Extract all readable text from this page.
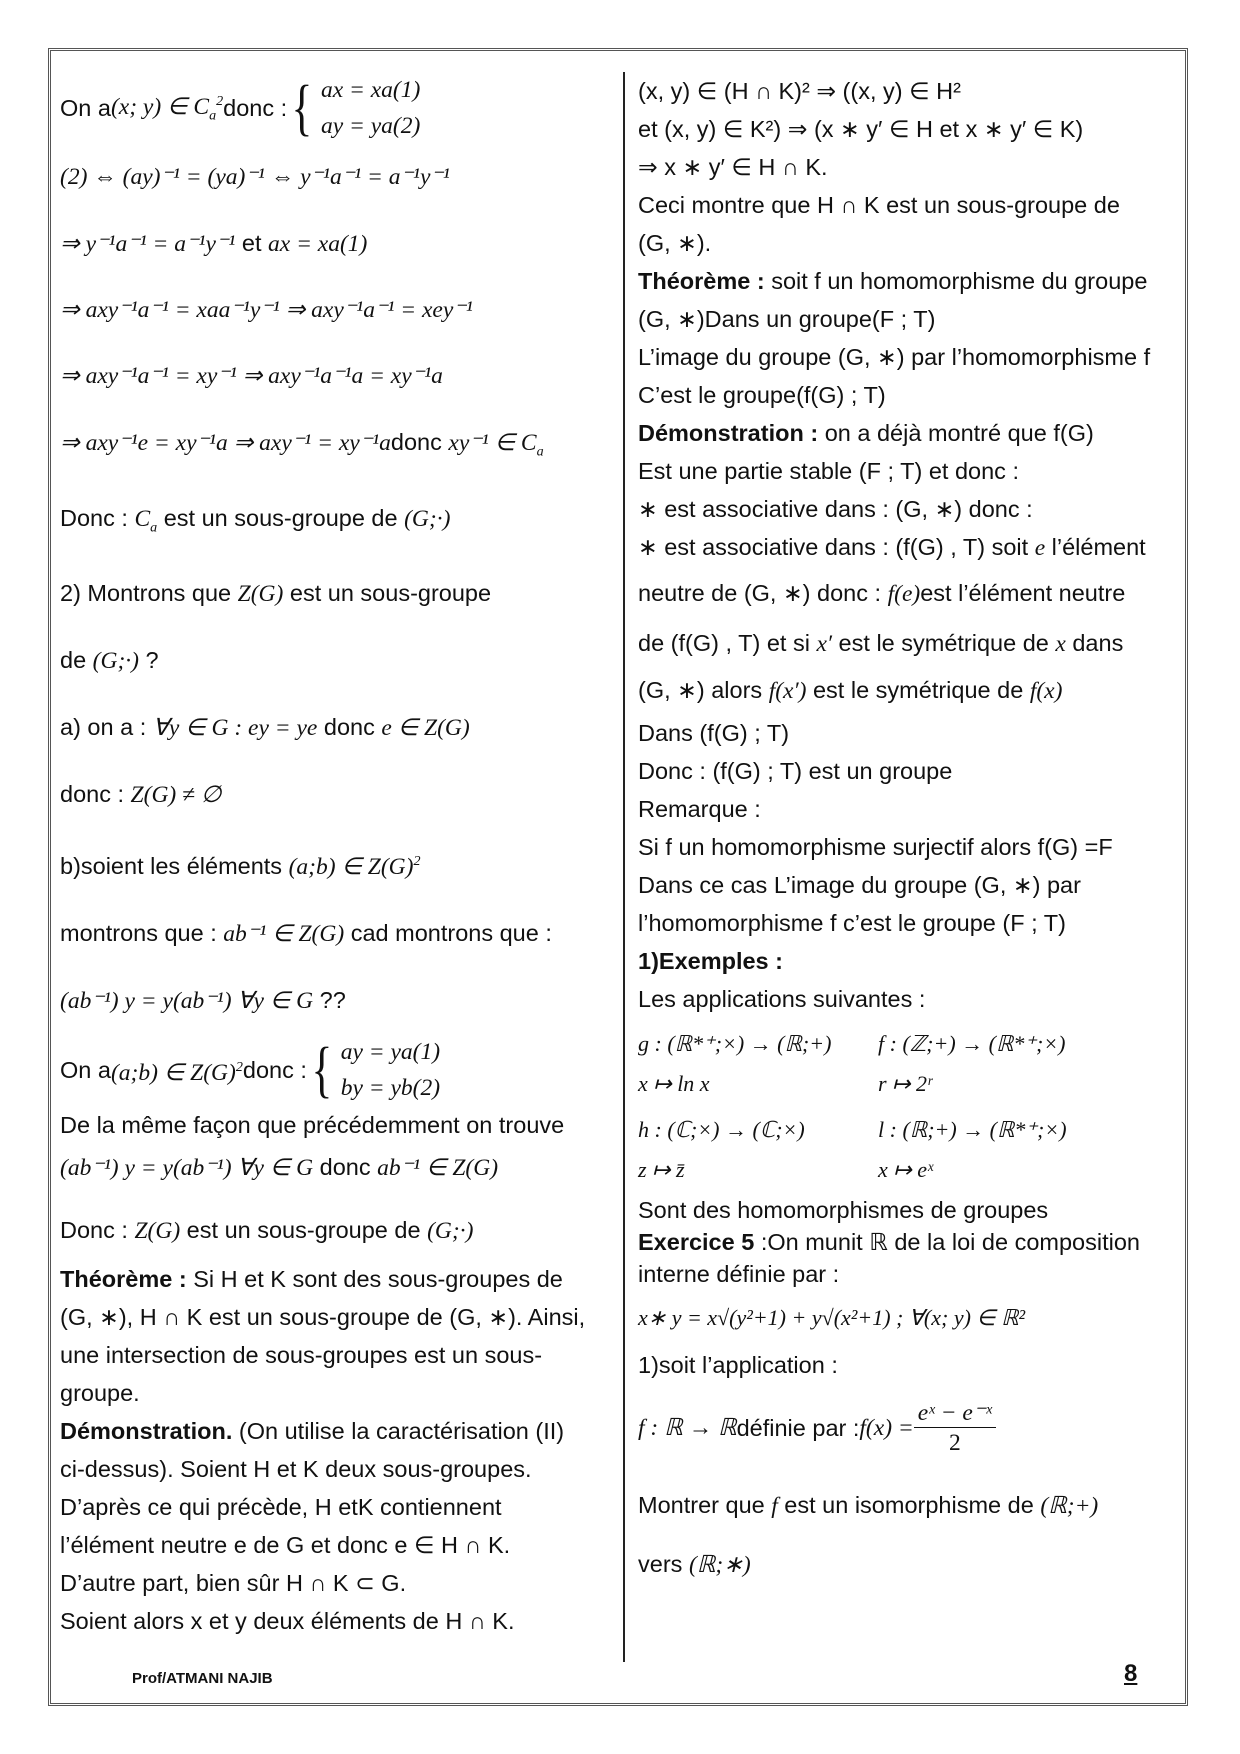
On a (x; y) ∈ $C_a^2$ donc : { ax = xa(1)
ay = ya(2)
(2) ⇔ (ay)⁻¹ = (ya)⁻¹ ⇔ y⁻¹a⁻¹ = a⁻¹y⁻¹
⇒ y⁻¹a⁻¹ = a⁻¹y⁻¹ et ax = xa(1)
⇒ axy⁻¹a⁻¹ = xaa⁻¹y⁻¹ ⇒ axy⁻¹a⁻¹ = xey⁻¹
⇒ axy⁻¹a⁻¹ = xy⁻¹ ⇒ axy⁻¹a⁻¹a = xy⁻¹a
⇒ axy⁻¹e = xy⁻¹a ⇒ axy⁻¹ = xy⁻¹adonc xy⁻¹ ∈ $C_a$
Donc : $C_a$ est un sous-groupe de (G;·)
2) Montrons que Z(G) est un sous-groupe
de (G;·) ?
a) on a : ∀y ∈ G : ey = ye donc e ∈ Z(G)
donc : Z(G) ≠ ∅
b)soient les éléments (a;b) ∈ $Z(G)^2$
montrons que : ab⁻¹ ∈ Z(G) cad montrons que :
(ab⁻¹) y = y(ab⁻¹) ∀y ∈ G ??
On a (a;b) ∈ $Z(G)^2$ donc : { ay = ya(1)
by = yb(2)
De la même façon que précédemment on trouve
(ab⁻¹) y = y(ab⁻¹) ∀y ∈ G donc ab⁻¹ ∈ Z(G)
Donc : Z(G) est un sous-groupe de (G;·)
Théorème : Si H et K sont des sous-groupes de
(G, ∗), H ∩ K est un sous-groupe de (G, ∗). Ainsi,
une intersection de sous-groupes est un sous-
groupe.
Démonstration. (On utilise la caractérisation (II)
ci-dessus). Soient H et K deux sous-groupes.
D’après ce qui précède, H etK contiennent
l’élément neutre e de G et donc e ∈ H ∩ K.
D’autre part, bien sûr H ∩ K ⊂ G.
Soient alors x et y deux éléments de H ∩ K.
(x, y) ∈ (H ∩ K)² ⇒ ((x, y) ∈ H²
et (x, y) ∈ K²) ⇒ (x ∗ y′ ∈ H et x ∗ y′ ∈ K)
⇒ x ∗ y′ ∈ H ∩ K.
Ceci montre que H ∩ K est un sous-groupe de
(G, ∗).
Théorème : soit f un homomorphisme du groupe
(G, ∗)Dans un groupe(F ; T)
L’image du groupe (G, ∗) par l’homomorphisme f
C’est le groupe(f(G) ; T)
Démonstration : on a déjà montré que f(G)
Est une partie stable (F ; T) et donc :
∗ est associative dans : (G, ∗) donc :
∗ est associative dans : (f(G) , T) soit e l’élément
neutre de (G, ∗) donc : f(e)est l’élément neutre
de (f(G) , T) et si x′ est le symétrique de x dans
(G, ∗) alors f(x′) est le symétrique de f(x)
Dans (f(G) ; T)
Donc : (f(G) ; T) est un groupe
Remarque :
Si f un homomorphisme surjectif alors f(G) =F
Dans ce cas L’image du groupe (G, ∗) par
l’homomorphisme f c’est le groupe (F ; T)
1)Exemples :
Les applications suivantes :
g : (ℝ*⁺;×) → (ℝ;+)	f : (ℤ;+) → (ℝ*⁺;×)
x ↦ ln x	r ↦ 2ʳ
h : (ℂ;×) → (ℂ;×)	l : (ℝ;+) → (ℝ*⁺;×)
z ↦ z̄	x ↦ eˣ
Sont des homomorphismes de groupes
Exercice 5 :On munit ℝ de la loi de composition
interne définie par :
x∗ y = x√(y²+1) + y√(x²+1) ; ∀(x; y) ∈ ℝ²
1)soit l’application :
f : ℝ → ℝ définie par : $f(x) = \frac{\text{eˣ − e⁻ˣ}}{2}$
Montrer que f est un isomorphisme de (ℝ;+)
vers (ℝ;∗)
Prof/ATMANI NAJIB	8
